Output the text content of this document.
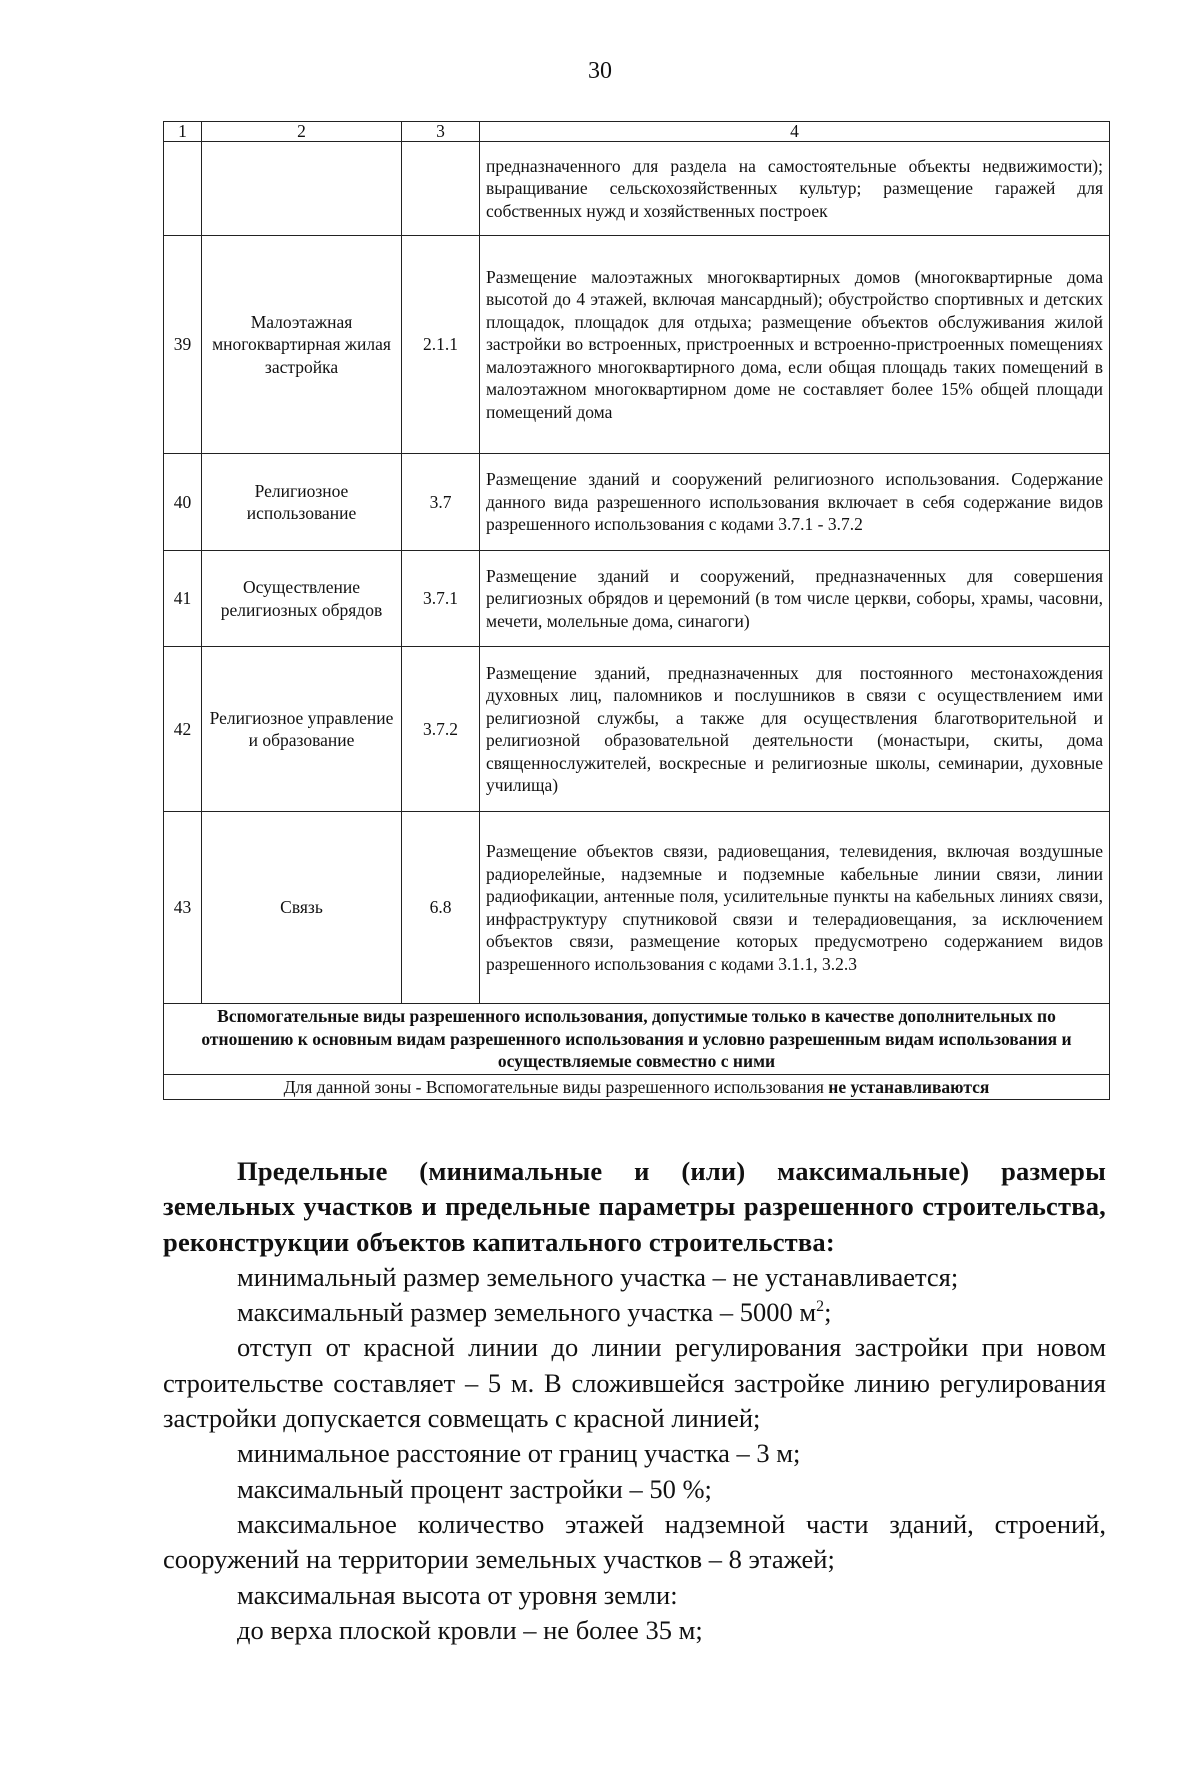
30
1	2	3	4
			предназначенного для раздела на самостоятельные объекты недвижимости); выращивание сельскохозяйственных культур; размещение гаражей для собственных нужд и хозяйственных построек
39	Малоэтажная многоквартирная жилая застройка	2.1.1	Размещение малоэтажных многоквартирных домов (многоквартирные дома высотой до 4 этажей, включая мансардный); обустройство спортивных и детских площадок, площадок для отдыха; размещение объектов обслуживания жилой застройки во встроенных, пристроенных и встроенно-пристроенных помещениях малоэтажного многоквартирного дома, если общая площадь таких помещений в малоэтажном многоквартирном доме не составляет более 15% общей площади помещений дома
40	Религиозное использование	3.7	Размещение зданий и сооружений религиозного использования. Содержание данного вида разрешенного использования включает в себя содержание видов разрешенного использования с кодами 3.7.1 - 3.7.2
41	Осуществление религиозных обрядов	3.7.1	Размещение зданий и сооружений, предназначенных для совершения религиозных обрядов и церемоний (в том числе церкви, соборы, храмы, часовни, мечети, молельные дома, синагоги)
42	Религиозное управление и образование	3.7.2	Размещение зданий, предназначенных для постоянного местонахождения духовных лиц, паломников и послушников в связи с осуществлением ими религиозной службы, а также для осуществления благотворительной и религиозной образовательной деятельности (монастыри, скиты, дома священнослужителей, воскресные и религиозные школы, семинарии, духовные училища)
43	Связь	6.8	Размещение объектов связи, радиовещания, телевидения, включая воздушные радиорелейные, надземные и подземные кабельные линии связи, линии радиофикации, антенные поля, усилительные пункты на кабельных линиях связи, инфраструктуру спутниковой связи и телерадиовещания, за исключением объектов связи, размещение которых предусмотрено содержанием видов разрешенного использования с кодами 3.1.1, 3.2.3
Вспомогательные виды разрешенного использования, допустимые только в качестве дополнительных по отношению к основным видам разрешенного использования и условно разрешенным видам использования и осуществляемые совместно с ними			
Для данной зоны - Вспомогательные виды разрешенного использования не устанавливаются			

Предельные (минимальные и (или) максимальные) размеры земельных участков и предельные параметры разрешенного строительства, реконструкции объектов капитального строительства:

минимальный размер земельного участка – не устанавливается;

максимальный размер земельного участка – 5000 $м^2$;

отступ от красной линии до линии регулирования застройки при новом строительстве составляет – 5 м. В сложившейся застройке линию регулирования застройки допускается совмещать с красной линией;

минимальное расстояние от границ участка – 3 м;

максимальный процент застройки – 50 %;

максимальное количество этажей надземной части зданий, строений, сооружений на территории земельных участков – 8 этажей;

максимальная высота от уровня земли:

до верха плоской кровли – не более 35 м;
